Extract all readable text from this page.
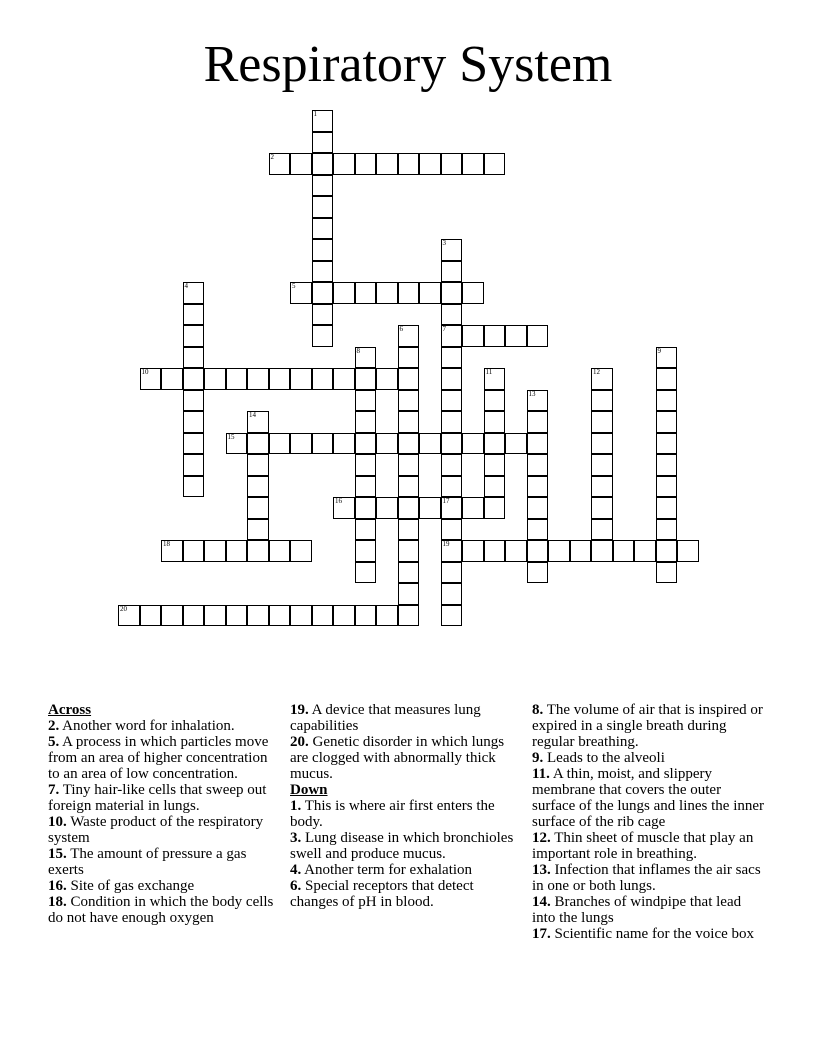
Respiratory System
1
2
3
7
17
19
4	5
6
8	9
10	11	12
13
14
15
16
18
20

Across

2. Another word for inhalation.

5. A process in which particles move from an area of higher concentration to an area of low concentration.

7. Tiny hair-like cells that sweep out foreign material in lungs.

10. Waste product of the respiratory system

15. The amount of pressure a gas exerts

16. Site of gas exchange

18. Condition in which the body cells do not have enough oxygen

19. A device that measures lung capabilities

20. Genetic disorder in which lungs are clogged with abnormally thick mucus.

Down

1. This is where air first enters the body.

3. Lung disease in which bronchioles swell and produce mucus.

4. Another term for exhalation

6. Special receptors that detect changes of pH in blood.

8. The volume of air that is inspired or expired in a single breath during regular breathing.

9. Leads to the alveoli

11. A thin, moist, and slippery membrane that covers the outer surface of the lungs and lines the inner surface of the rib cage

12. Thin sheet of muscle that play an important role in breathing.

13. Infection that inflames the air sacs in one or both lungs.

14. Branches of windpipe that lead into the lungs

17. Scientific name for the voice box
